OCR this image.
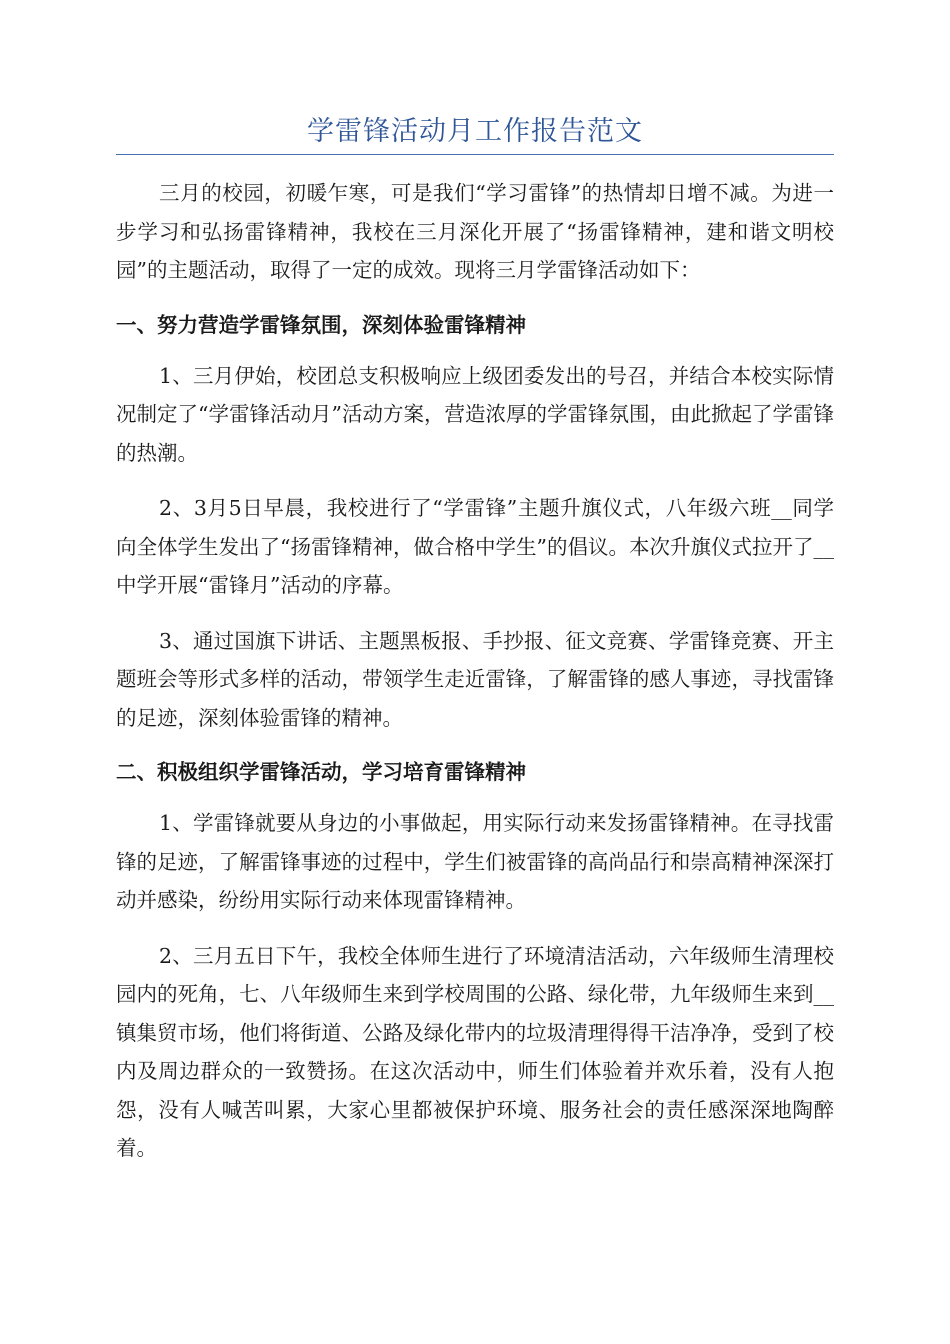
学雷锋活动月工作报告范文

三月的校园，初暖乍寒，可是我们“学习雷锋”的热情却日增不减。为进一步学习和弘扬雷锋精神，我校在三月深化开展了“扬雷锋精神，建和谐文明校园”的主题活动，取得了一定的成效。现将三月学雷锋活动如下：

一、努力营造学雷锋氛围，深刻体验雷锋精神

1、三月伊始，校团总支积极响应上级团委发出的号召，并结合本校实际情况制定了“学雷锋活动月”活动方案，营造浓厚的学雷锋氛围，由此掀起了学雷锋的热潮。

2、3月5日早晨，我校进行了“学雷锋”主题升旗仪式，八年级六班__同学向全体学生发出了“扬雷锋精神，做合格中学生”的倡议。本次升旗仪式拉开了__中学开展“雷锋月”活动的序幕。

3、通过国旗下讲话、主题黑板报、手抄报、征文竞赛、学雷锋竞赛、开主题班会等形式多样的活动，带领学生走近雷锋，了解雷锋的感人事迹，寻找雷锋的足迹，深刻体验雷锋的精神。

二、积极组织学雷锋活动，学习培育雷锋精神

1、学雷锋就要从身边的小事做起，用实际行动来发扬雷锋精神。在寻找雷锋的足迹，了解雷锋事迹的过程中，学生们被雷锋的高尚品行和崇高精神深深打动并感染，纷纷用实际行动来体现雷锋精神。

2、三月五日下午，我校全体师生进行了环境清洁活动，六年级师生清理校园内的死角，七、八年级师生来到学校周围的公路、绿化带，九年级师生来到__镇集贸市场，他们将街道、公路及绿化带内的垃圾清理得得干洁净净，受到了校内及周边群众的一致赞扬。在这次活动中，师生们体验着并欢乐着，没有人抱怨，没有人喊苦叫累，大家心里都被保护环境、服务社会的责任感深深地陶醉着。
